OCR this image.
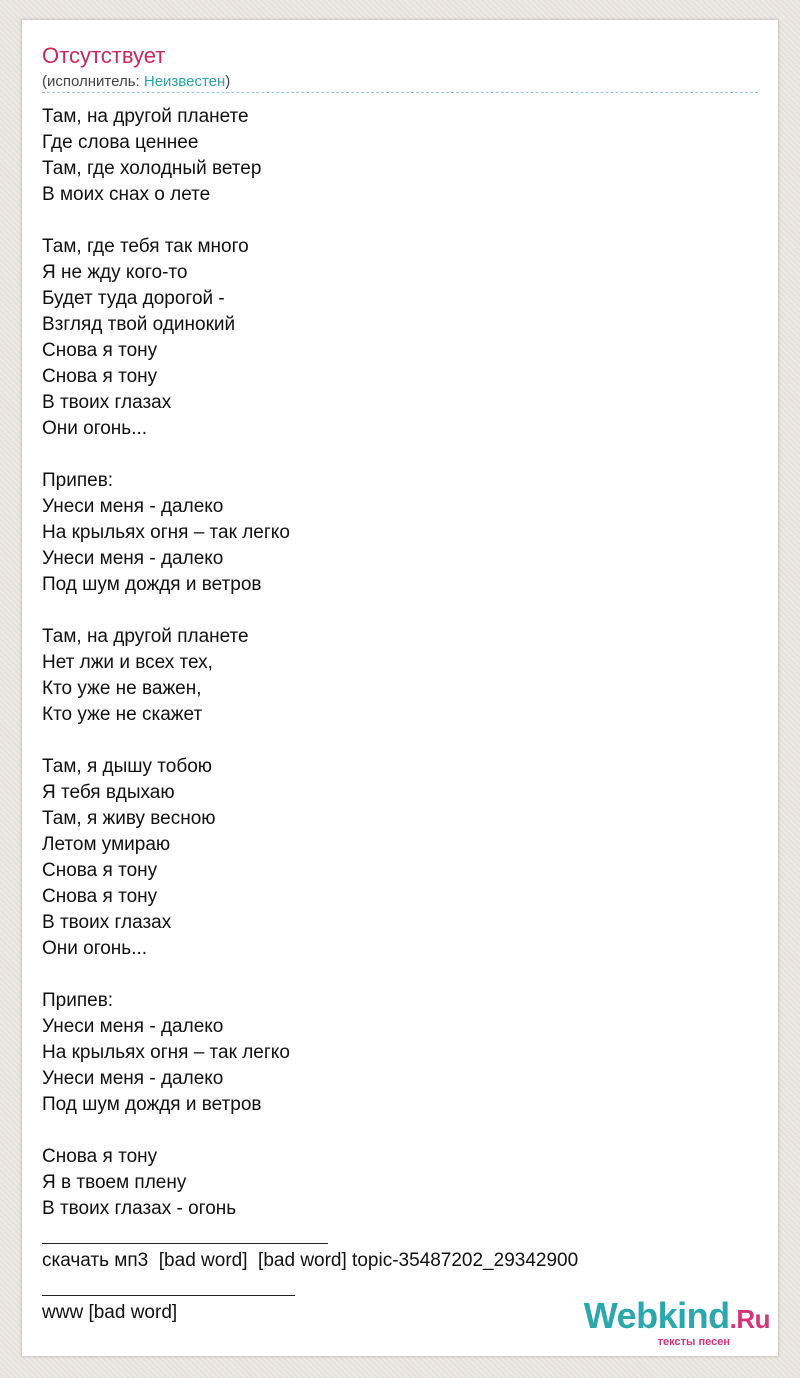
Отсутствует
(исполнитель: Неизвестен)
Там, на другой планете
Где слова ценнее
Там, где холодный ветер
В моих снах о лете
Там, где тебя так много
Я не жду кого-то
Будет туда дорогой -
Взгляд твой одинокий
Снова я тону
Снова я тону
В твоих глазах
Они огонь...
Припев:
Унеси меня - далеко
На крыльях огня – так легко
Унеси меня - далеко
Под шум дождя и ветров
Там, на другой планете
Нет лжи и всех тех,
Кто уже не важен,
Кто уже не скажет
Там, я дышу тобою
Я тебя вдыхаю
Там, я живу весною
Летом умираю
Снова я тону
Снова я тону
В твоих глазах
Они огонь...
Припев:
Унеси меня - далеко
На крыльях огня – так легко
Унеси меня - далеко
Под шум дождя и ветров
Снова я тону
Я в твоем плену
В твоих глазах - огонь
скачать мп3  [bad word]  [bad word] topic-35487202_29342900
www [bad word]	Webkind.Ru
тексты песен
